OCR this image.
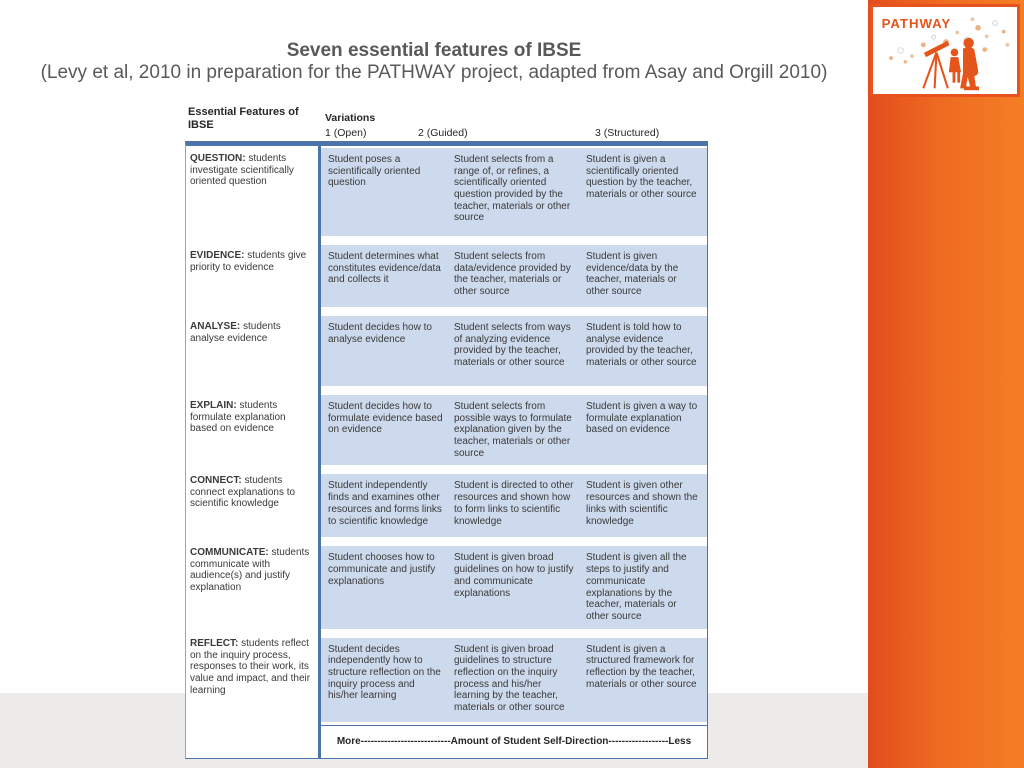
PATHWAY
Seven essential features of IBSE
(Levy et al, 2010 in preparation for the PATHWAY project, adapted from Asay and Orgill 2010)
Essential Features of IBSE
Variations
1 (Open)	2 (Guided)	3 (Structured)
QUESTION: students investigate scientifically oriented question
EVIDENCE: students give priority to evidence
ANALYSE: students analyse evidence
EXPLAIN: students formulate explanation based on evidence
CONNECT: students connect explanations to scientific knowledge
COMMUNICATE: students communicate with audience(s) and justify explanation
REFLECT: students reflect on the inquiry process, responses to their work, its value and impact, and their learning
Student poses a scientifically oriented question
Student selects from a range of, or refines, a scientifically oriented question provided by the teacher, materials or other source
Student is given a scientifically oriented question by the teacher, materials or other source
Student determines what constitutes evidence/data and collects it
Student selects from data/evidence provided by the teacher, materials or other source
Student is given evidence/data by the teacher, materials or other source
Student decides how to analyse evidence
Student selects from ways of analyzing evidence provided by the teacher, materials or other source
Student is told how to analyse evidence provided by the teacher, materials or other source
Student decides how to formulate evidence based on evidence
Student selects from possible ways to formulate explanation given by the teacher, materials or other source
Student is given a way to formulate explanation based on evidence
Student independently finds and examines other resources and forms links to scientific knowledge
Student is directed to other resources and shown how to form links to scientific knowledge
Student is given other resources and shown the links with scientific knowledge
Student chooses how to communicate and justify explanations
Student is given broad guidelines on how to justify and communicate explanations
Student is given all the steps to justify and communicate explanations by the teacher, materials or other source
Student decides independently how to structure reflection on the inquiry process and his/her learning
Student is given broad guidelines to structure reflection on the inquiry process and his/her learning by the teacher, materials or other source
Student is given a structured framework for reflection by the teacher, materials or other source
More---------------------------Amount of Student Self-Direction------------------Less
